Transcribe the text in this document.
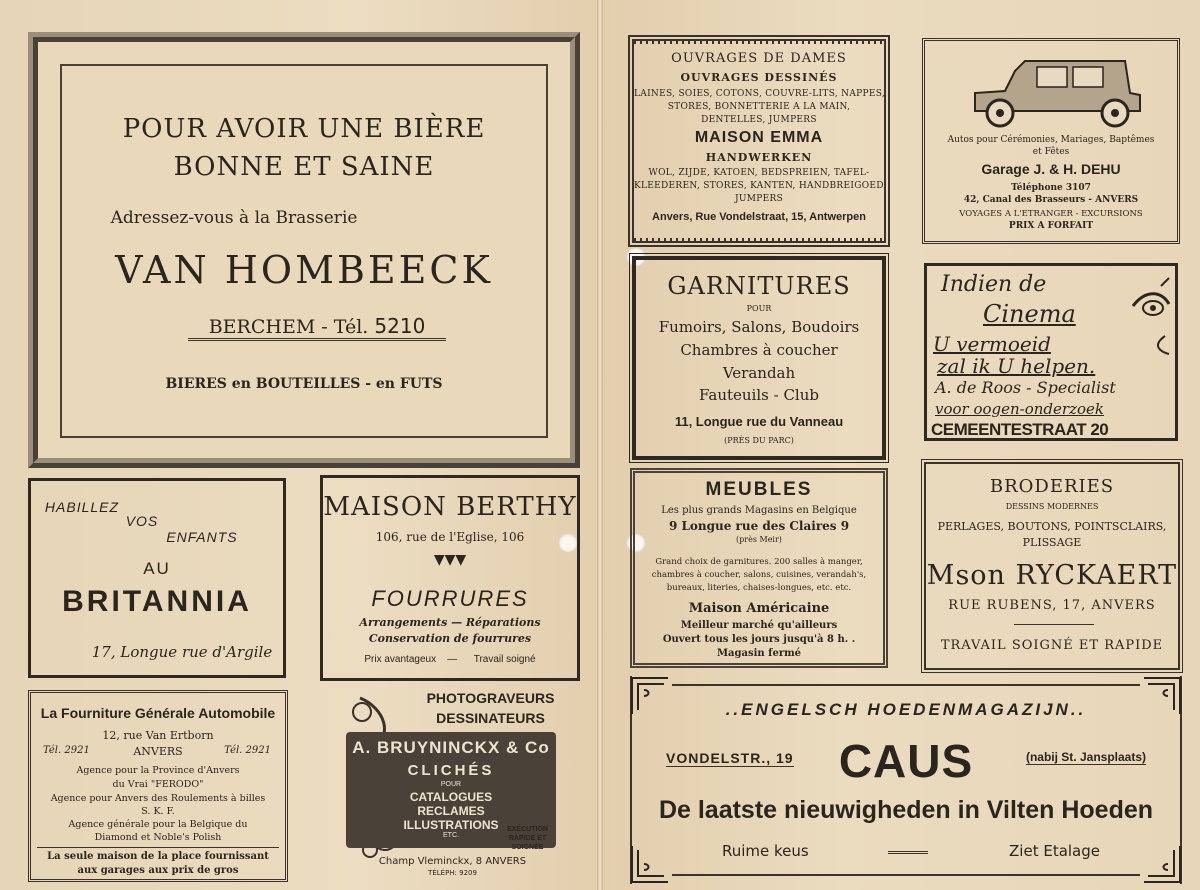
POUR AVOIR UNE BIÈRE
BONNE ET SAINE
Adressez-vous à la Brasserie
VAN HOMBEECK
BERCHEM - Tél. 5210
BIERES en BOUTEILLES - en FUTS
HABILLEZ
VOS
ENFANTS
AU
BRITANNIA
17, Longue rue d'Argile
MAISON BERTHY
106, rue de l'Eglise, 106
▼▼▼
FOURRURES
Arrangements — Réparations
Conservation de fourrures
Prix avantageux — Travail soigné
La Fourniture Générale Automobile
12, rue Van Ertborn
Tél. 2921	ANVERS	Tél. 2921
Agence pour la Province d'Anvers
du Vrai "FERODO"
Agence pour Anvers des Roulements à billes
S. K. F.
Agence générale pour la Belgique du
Diamond et Noble's Polish
La seule maison de la place fournissant
aux garages aux prix de gros
PHOTOGRAVEURS
DESSINATEURS
A. BRUYNINCKX & Co
CLICHÉS
POUR
CATALOGUES
RECLAMES
ILLUSTRATIONS
ETC.
EXÉCUTION
RAPIDE ET
SOIGNÉE
Champ Vleminckx, 8 ANVERS
TÉLÉPH: 9209
OUVRAGES DE DAMES
OUVRAGES DESSINÉS
LAINES, SOIES, COTONS, COUVRE-LITS, NAPPES,
STORES, BONNETTERIE A LA MAIN,
DENTELLES, JUMPERS
MAISON EMMA
HANDWERKEN
WOL, ZIJDE, KATOEN, BEDSPREIEN, TAFEL-
KLEEDEREN, STORES, KANTEN, HANDBREIGOED,
JUMPERS
Anvers, Rue Vondelstraat, 15, Antwerpen
Autos pour Cérémonies, Mariages, Baptêmes
et Fêtes
Garage J. & H. DEHU
Téléphone 3107
42, Canal des Brasseurs - ANVERS
VOYAGES A L'ETRANGER - EXCURSIONS
PRIX A FORFAIT
GARNITURES
POUR
Fumoirs, Salons, Boudoirs
Chambres à coucher
Verandah
Fauteuils - Club
11, Longue rue du Vanneau
(PRÈS DU PARC)
Indien de
Cinema
U vermoeid
zal ik U helpen.
A. de Roos - Specialist
voor oogen-onderzoek
CEMEENTESTRAAT 20
MEUBLES
Les plus grands Magasins en Belgique
9 Longue rue des Claires 9
(près Meir)
Grand choix de garnitures. 200 salles à manger,
chambres à coucher, salons, cuisines, verandah's,
bureaux, literies, chaises-longues, etc. etc.
Maison Américaine
Meilleur marché qu'ailleurs
Ouvert tous les jours jusqu'à 8 h. .
Magasin fermé
BRODERIES
DESSINS MODERNES
PERLAGES, BOUTONS, POINTSCLAIRS,
PLISSAGE
Mson RYCKAERT
RUE RUBENS, 17, ANVERS
TRAVAIL SOIGNÉ ET RAPIDE
..ENGELSCH HOEDENMAGAZIJN..
VONDELSTR., 19 CAUS	(nabij St. Jansplaats)
De laatste nieuwigheden in Vilten Hoeden
Ruime keus	Ziet Etalage
